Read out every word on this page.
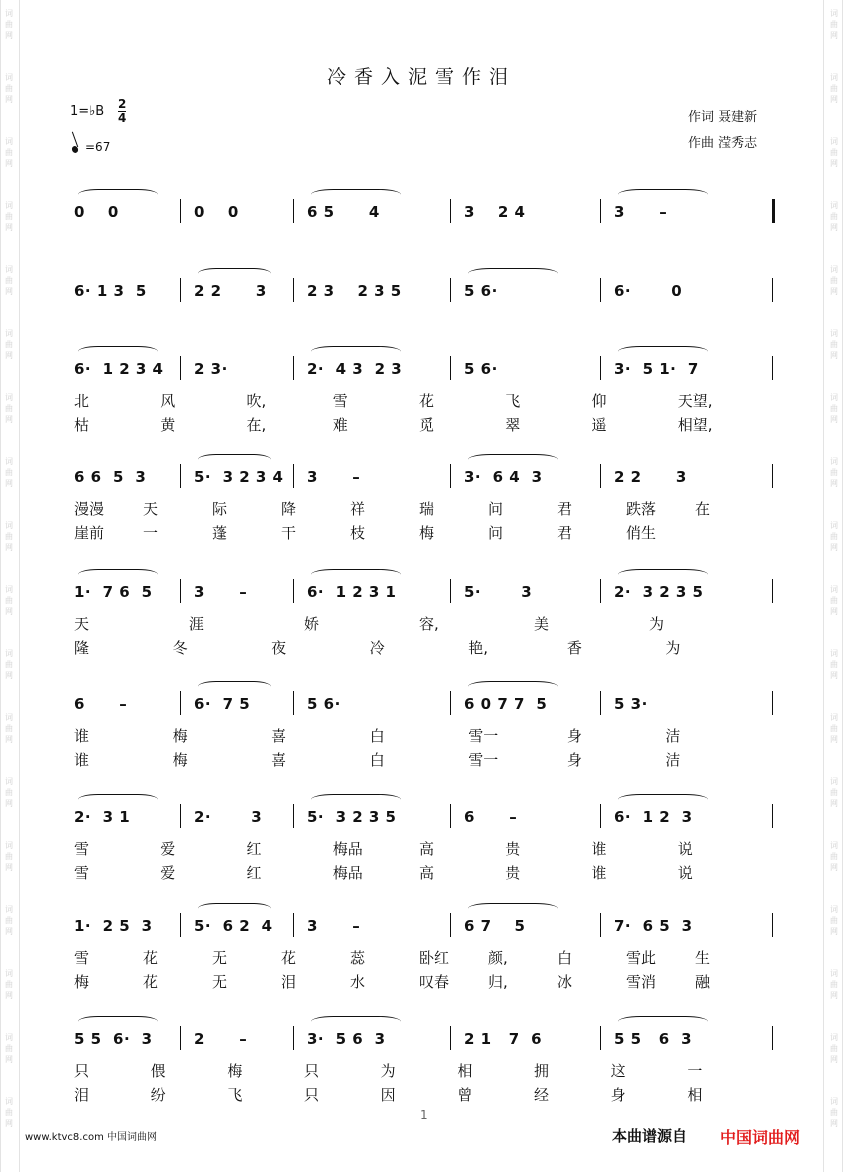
词
曲
网
词
曲
网
词
曲
网
词
曲
网
词
曲
网
词
曲
网
词
曲
网
词
曲
网
词
曲
网
词
曲
网
词
曲
网
词
曲
网
词
曲
网
词
曲
网
词
曲
网
词
曲
网
词
曲
网
词
曲
网
词
曲
网
词
曲
网
词
曲
网
词
曲
网
词
曲
网
词
曲
网
词
曲
网
词
曲
网
词
曲
网
词
曲
网
词
曲
网
词
曲
网
词
曲
网
词
曲
网
词
曲
网
词
曲
网
词
曲
网
词
曲
网
冷香入泥雪作泪
1=♭B 2
4
=67
作词 聂建新
作曲 滢秀志
0    0	0    0	6 5      4	3    2 4	3      –
6· 1 3  5	2 2      3	2 3    2 3 5	5 6·	6·       0
6·  1 2 3 4 2 3·	2·  4 3  2 3	5 6·	3·  5 1·  7
北	风	吹,	雪	花	飞	仰	天望,
枯	黄	在,	难	觅	翠	遥	相望,
6 6  5  3	5·  3 2 3 4 3      –	3·  6 4  3	2 2      3
漫漫	天	际	降	祥	瑞	问	君	跌落	在
崖前	一	蓬	干	枝	梅	问	君	俏生
1·  7 6  5	3      –	6·  1 2 3 1	5·       3	2·  3 2 3 5
天	涯	娇	容,	美	为
隆	冬	夜	冷	艳,	香	为
6      –	6·  7 5	5 6·	6 0 7 7  5	5 3·
谁	梅	喜	白	雪一	身	洁
谁	梅	喜	白	雪一	身	洁
2·  3 1	2·       3	5·  3 2 3 5	6      –	6·  1 2  3
雪	爱	红	梅品	高	贵	谁	说
雪	爱	红	梅品	高	贵	谁	说
1·  2 5  3	5·  6 2  4 3      –	6 7    5	7·  6 5  3
雪	花	无	花	蕊	卧红	颜,	白	雪此	生
梅	花	无	泪	水	叹春	归,	冰	雪消	融
5 5  6·  3	2      –	3·  5 6  3	2 1   7  6	5 5   6  3
只	偎	梅	只	为	相	拥	这	一
泪	纷	飞	只	因	曾	经	身	相
1
www.ktvc8.com 中国词曲网	本曲谱源自 中国词曲网
